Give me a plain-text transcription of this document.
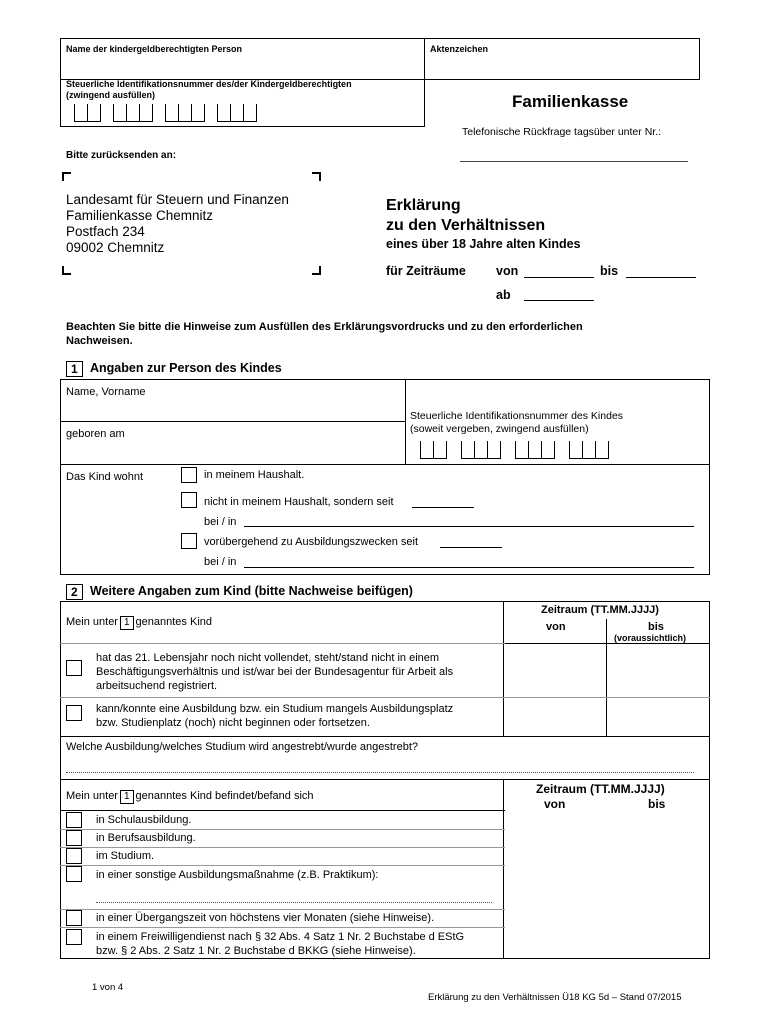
Name der kindergeldberechtigten Person	Aktenzeichen
Steuerliche Identifikationsnummer des/der Kindergeldberechtigten
(zwingend ausfüllen)	Familienkasse
Telefonische Rückfrage tagsüber unter Nr.:
Bitte zurücksenden an:
Landesamt für Steuern und Finanzen
Familienkasse Chemnitz
Postfach 234
09002 Chemnitz
Erklärung
zu den Verhältnissen
eines über 18 Jahre alten Kindes
für Zeiträume von	bis
ab
Beachten Sie bitte die Hinweise zum Ausfüllen des Erklärungsvordrucks und zu den erforderlichen
Nachweisen.
1 Angaben zur Person des Kindes
Name, Vorname
geboren am
Steuerliche Identifikationsnummer des Kindes
(soweit vergeben, zwingend ausfüllen)
Das Kind wohnt	in meinem Haushalt.
nicht in meinem Haushalt, sondern seit
bei / in
vorübergehend zu Ausbildungszwecken seit
bei / in
2 Weitere Angaben zum Kind (bitte Nachweise beifügen)
Zeitraum (TT.MM.JJJJ)
von	bis
(voraussichtlich)
Mein unter 1 genanntes Kind
hat das 21. Lebensjahr noch nicht vollendet, steht/stand nicht in einem
Beschäftigungsverhältnis und ist/war bei der Bundesagentur für Arbeit als
arbeitsuchend registriert.
kann/konnte eine Ausbildung bzw. ein Studium mangels Ausbildungsplatz
bzw. Studienplatz (noch) nicht beginnen oder fortsetzen.
Welche Ausbildung/welches Studium wird angestrebt/wurde angestrebt?
Zeitraum (TT.MM.JJJJ)
von	bis
Mein unter 1 genanntes Kind befindet/befand sich
in Schulausbildung.
in Berufsausbildung.
im Studium.
in einer sonstige Ausbildungsmaßnahme (z.B. Praktikum):
in einer Übergangszeit von höchstens vier Monaten (siehe Hinweise).
in einem Freiwilligendienst nach § 32 Abs. 4 Satz 1 Nr. 2 Buchstabe d EStG
bzw. § 2 Abs. 2 Satz 1 Nr. 2 Buchstabe d BKKG (siehe Hinweise).
1 von 4
Erklärung zu den Verhältnissen Ü18 KG 5d – Stand 07/2015
